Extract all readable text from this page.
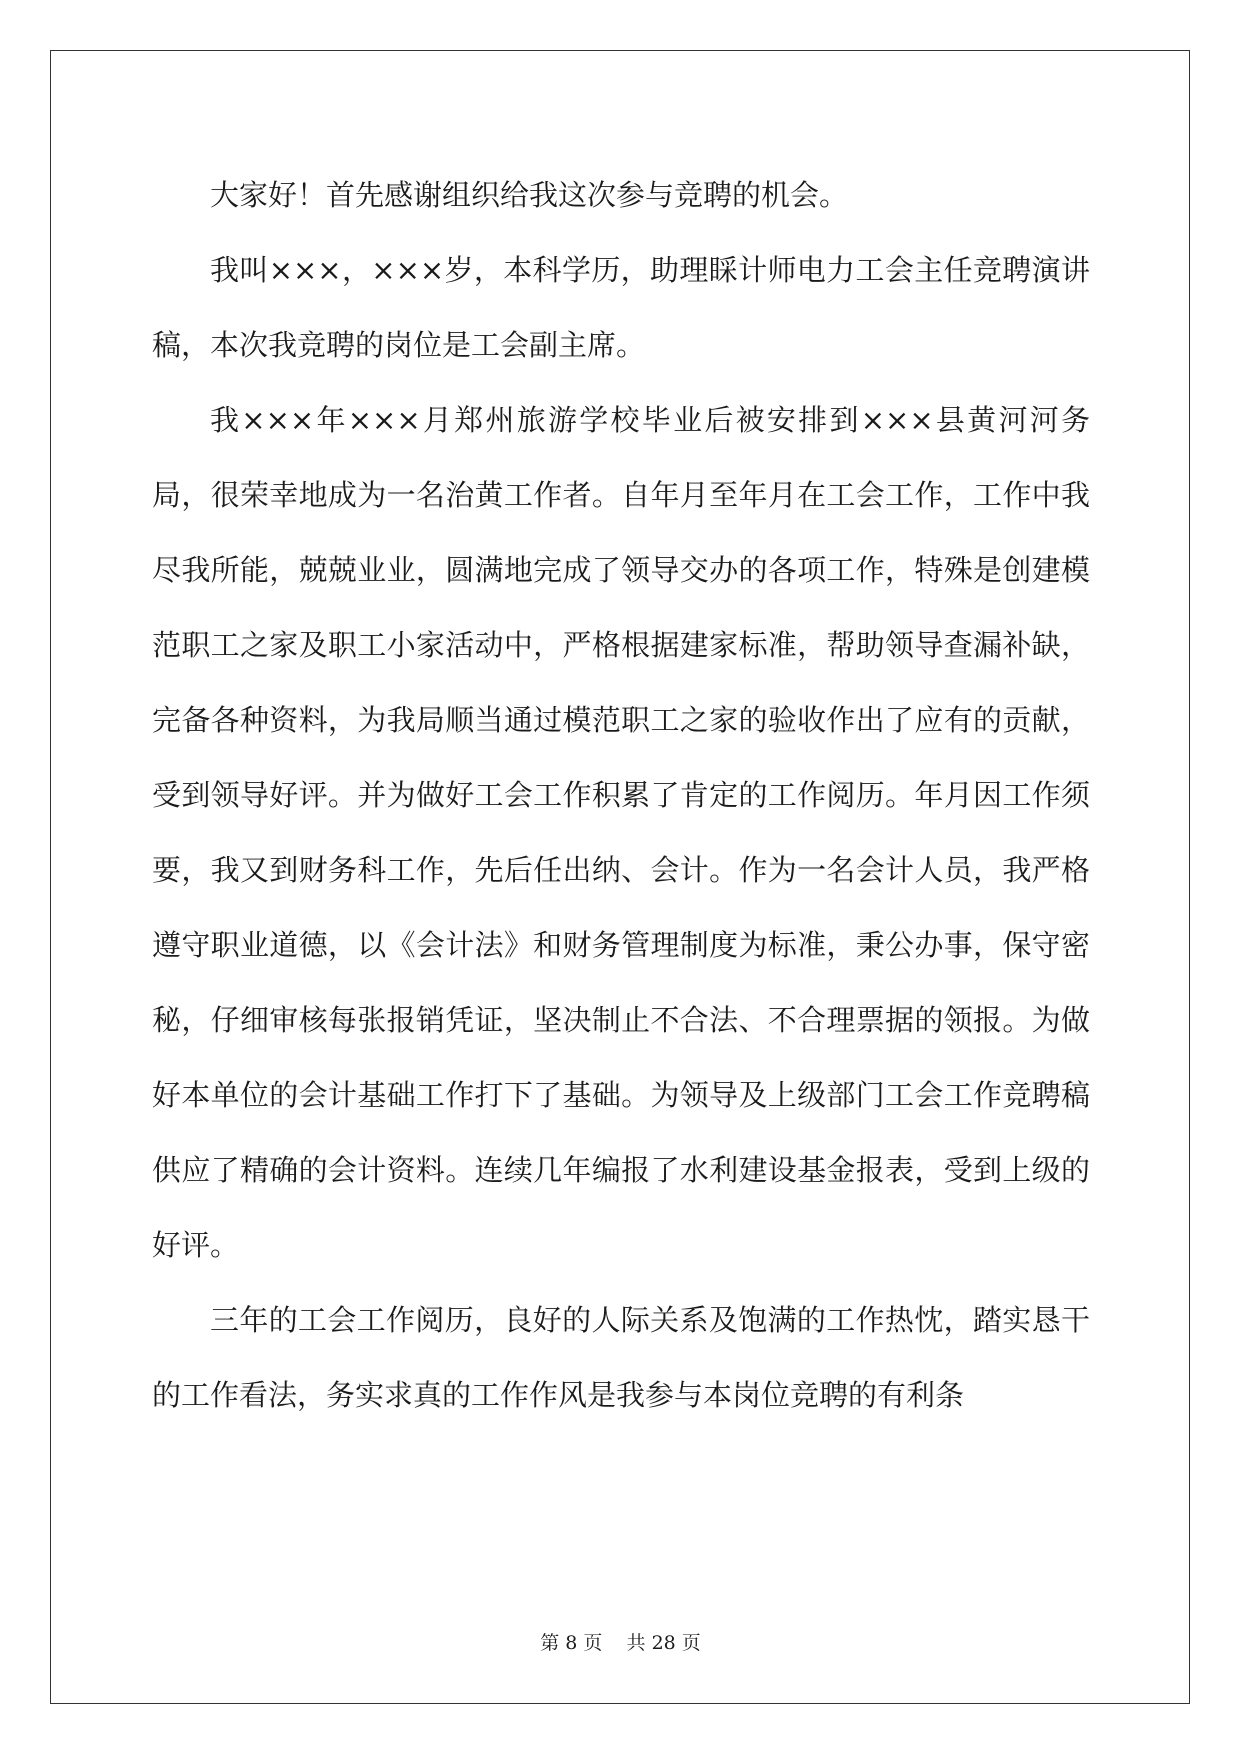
大家好！首先感谢组织给我这次参与竞聘的机会。

我叫×××，×××岁，本科学历，助理睬计师电力工会主任竞聘演讲稿，本次我竞聘的岗位是工会副主席。

我×××年×××月郑州旅游学校毕业后被安排到×××县黄河河务局，很荣幸地成为一名治黄工作者。自年月至年月在工会工作，工作中我尽我所能，兢兢业业，圆满地完成了领导交办的各项工作，特殊是创建模范职工之家及职工小家活动中，严格根据建家标准，帮助领导查漏补缺，完备各种资料，为我局顺当通过模范职工之家的验收作出了应有的贡献，受到领导好评。并为做好工会工作积累了肯定的工作阅历。年月因工作须要，我又到财务科工作，先后任出纳、会计。作为一名会计人员，我严格遵守职业道德，以《会计法》和财务管理制度为标准，秉公办事，保守密秘，仔细审核每张报销凭证，坚决制止不合法、不合理票据的领报。为做好本单位的会计基础工作打下了基础。为领导及上级部门工会工作竞聘稿供应了精确的会计资料。连续几年编报了水利建设基金报表，受到上级的好评。

三年的工会工作阅历，良好的人际关系及饱满的工作热忱，踏实恳干的工作看法，务实求真的工作作风是我参与本岗位竞聘的有利条

第 8 页 共 28 页
